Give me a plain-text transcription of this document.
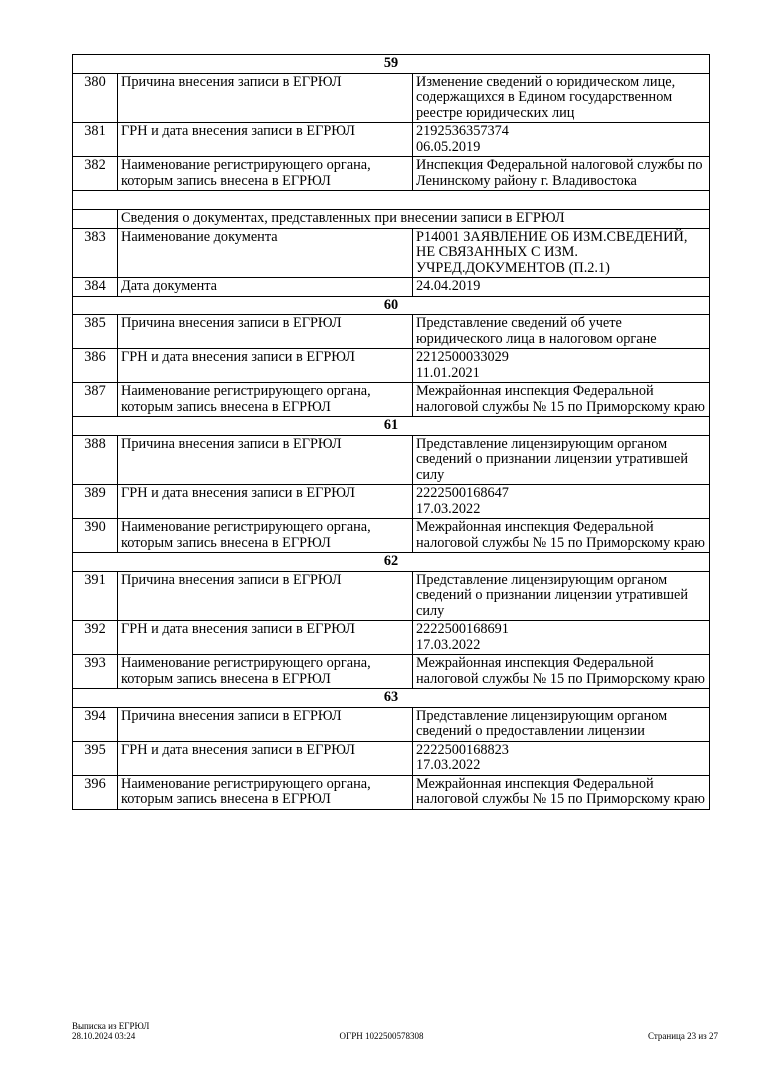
59		
380	Причина внесения записи в ЕГРЮЛ	Изменение сведений о юридическом лице, содержащихся в Едином государственном реестре юридических лиц
381	ГРН и дата внесения записи в ЕГРЮЛ	2192536357374
06.05.2019
382	Наименование регистрирующего органа, которым запись внесена в ЕГРЮЛ	Инспекция Федеральной налоговой службы по Ленинскому району г. Владивостока

	Сведения о документах, представленных при внесении записи в ЕГРЮЛ	
383	Наименование документа	Р14001 ЗАЯВЛЕНИЕ ОБ ИЗМ.СВЕДЕНИЙ, НЕ СВЯЗАННЫХ С ИЗМ. УЧРЕД.ДОКУМЕНТОВ (П.2.1)
384	Дата документа	24.04.2019
60		
385	Причина внесения записи в ЕГРЮЛ	Представление сведений об учете юридического лица в налоговом органе
386	ГРН и дата внесения записи в ЕГРЮЛ	2212500033029
11.01.2021
387	Наименование регистрирующего органа, которым запись внесена в ЕГРЮЛ	Межрайонная инспекция Федеральной налоговой службы № 15 по Приморскому краю
61		
388	Причина внесения записи в ЕГРЮЛ	Представление лицензирующим органом сведений о признании лицензии утратившей силу
389	ГРН и дата внесения записи в ЕГРЮЛ	2222500168647
17.03.2022
390	Наименование регистрирующего органа, которым запись внесена в ЕГРЮЛ	Межрайонная инспекция Федеральной налоговой службы № 15 по Приморскому краю
62		
391	Причина внесения записи в ЕГРЮЛ	Представление лицензирующим органом сведений о признании лицензии утратившей силу
392	ГРН и дата внесения записи в ЕГРЮЛ	2222500168691
17.03.2022
393	Наименование регистрирующего органа, которым запись внесена в ЕГРЮЛ	Межрайонная инспекция Федеральной налоговой службы № 15 по Приморскому краю
63		
394	Причина внесения записи в ЕГРЮЛ	Представление лицензирующим органом сведений о предоставлении лицензии
395	ГРН и дата внесения записи в ЕГРЮЛ	2222500168823
17.03.2022
396	Наименование регистрирующего органа, которым запись внесена в ЕГРЮЛ	Межрайонная инспекция Федеральной налоговой службы № 15 по Приморскому краю
Выписка из ЕГРЮЛ
28.10.2024 03:24	ОГРН 1022500578308	Страница 23 из 27
